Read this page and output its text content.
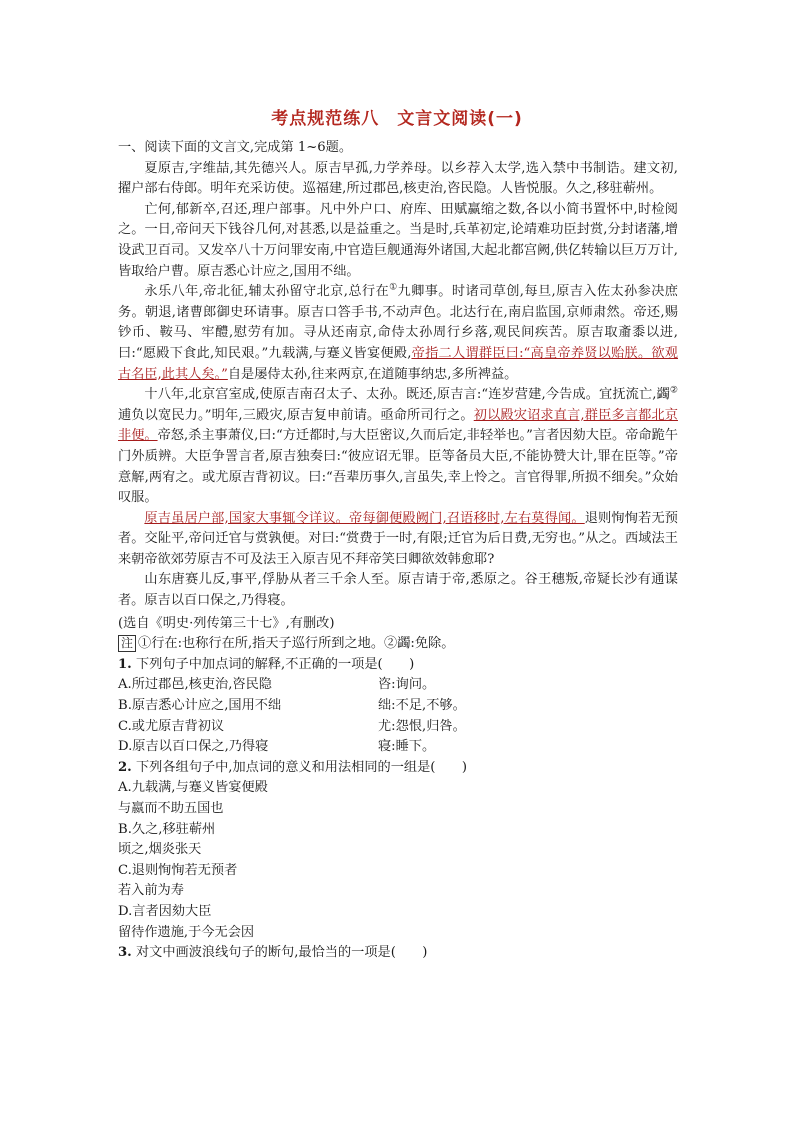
考点规范练八 文言文阅读(一)

一、阅读下面的文言文,完成第 1~6题。

夏原吉,字维喆,其先德兴人。原吉早孤,力学养母。以乡荐入太学,选入禁中书制诰。建文初,擢户部右侍郎。明年充采访使。巡福建,所过郡邑,核吏治,咨民隐。人皆悦服。久之,移驻蕲州。

亡何,郁新卒,召还,理户部事。凡中外户口、府库、田赋赢缩之数,各以小简书置怀中,时检阅之。一日,帝问天下钱谷几何,对甚悉,以是益重之。当是时,兵革初定,论靖难功臣封赏,分封诸藩,增设武卫百司。又发卒八十万问罪安南,中官造巨舰通海外诸国,大起北都宫阙,供亿转输以巨万万计,皆取给户曹。原吉悉心计应之,国用不绌。

永乐八年,帝北征,辅太孙留守北京,总行在①九卿事。时诸司草创,每旦,原吉入佐太孙参决庶务。朝退,诸曹郎御史环请事。原吉口答手书,不动声色。北达行在,南启监国,京师肃然。帝还,赐钞币、鞍马、牢醴,慰劳有加。寻从还南京,命侍太孙周行乡落,观民间疾苦。原吉取齑黍以进,曰:“愿殿下食此,知民艰。”九载满,与蹇义皆宴便殿,帝指二人谓群臣曰:“高皇帝养贤以贻朕。欲观古名臣,此其人矣。”自是屡侍太孙,往来两京,在道随事纳忠,多所裨益。

十八年,北京宫室成,使原吉南召太子、太孙。既还,原吉言:“连岁营建,今告成。宜抚流亡,蠲②逋负以宽民力。”明年,三殿灾,原吉复申前请。亟命所司行之。初以殿灾诏求直言,群臣多言都北京非便。帝怒,杀主事萧仪,曰:“方迁都时,与大臣密议,久而后定,非轻举也。”言者因劾大臣。帝命跪午门外质辨。大臣争詈言者,原吉独奏曰:“彼应诏无罪。臣等备员大臣,不能协赞大计,罪在臣等。”帝意解,两宥之。或尤原吉背初议。曰:“吾辈历事久,言虽失,幸上怜之。言官得罪,所损不细矣。”众始叹服。

原吉虽居户部,国家大事辄令详议。帝每御便殿阙门,召语移时,左右莫得闻。退则恂恂若无预者。交阯平,帝问迁官与赏孰便。对曰:“赏费于一时,有限;迁官为后日费,无穷也。”从之。西域法王来朝帝欲郊劳原吉不可及法王入原吉见不拜帝笑曰卿欲效韩愈耶?

山东唐赛儿反,事平,俘胁从者三千余人至。原吉请于帝,悉原之。谷王穗叛,帝疑长沙有通谋者。原吉以百口保之,乃得寝。

(选自《明史·列传第三十七》,有删改)

注 ①行在:也称行在所,指天子巡行所到之地。②蠲:免除。

1. 下列句子中加点词的解释,不正确的一项是(　　)

A.所过郡邑,核吏治,咨民隐	咨:询问。
B.原吉悉心计应之,国用不绌	绌:不足,不够。
C.或尤原吉背初议	尤:怨恨,归咎。
D.原吉以百口保之,乃得寝	寝:睡下。

2. 下列各组句子中,加点词的意义和用法相同的一组是(　　)

A.九载满,与蹇义皆宴便殿

与嬴而不助五国也

B.久之,移驻蕲州

顷之,烟炎张天

C.退则恂恂若无预者

若入前为寿

D.言者因劾大臣

留待作遗施,于今无会因

3. 对文中画波浪线句子的断句,最恰当的一项是(　　)
